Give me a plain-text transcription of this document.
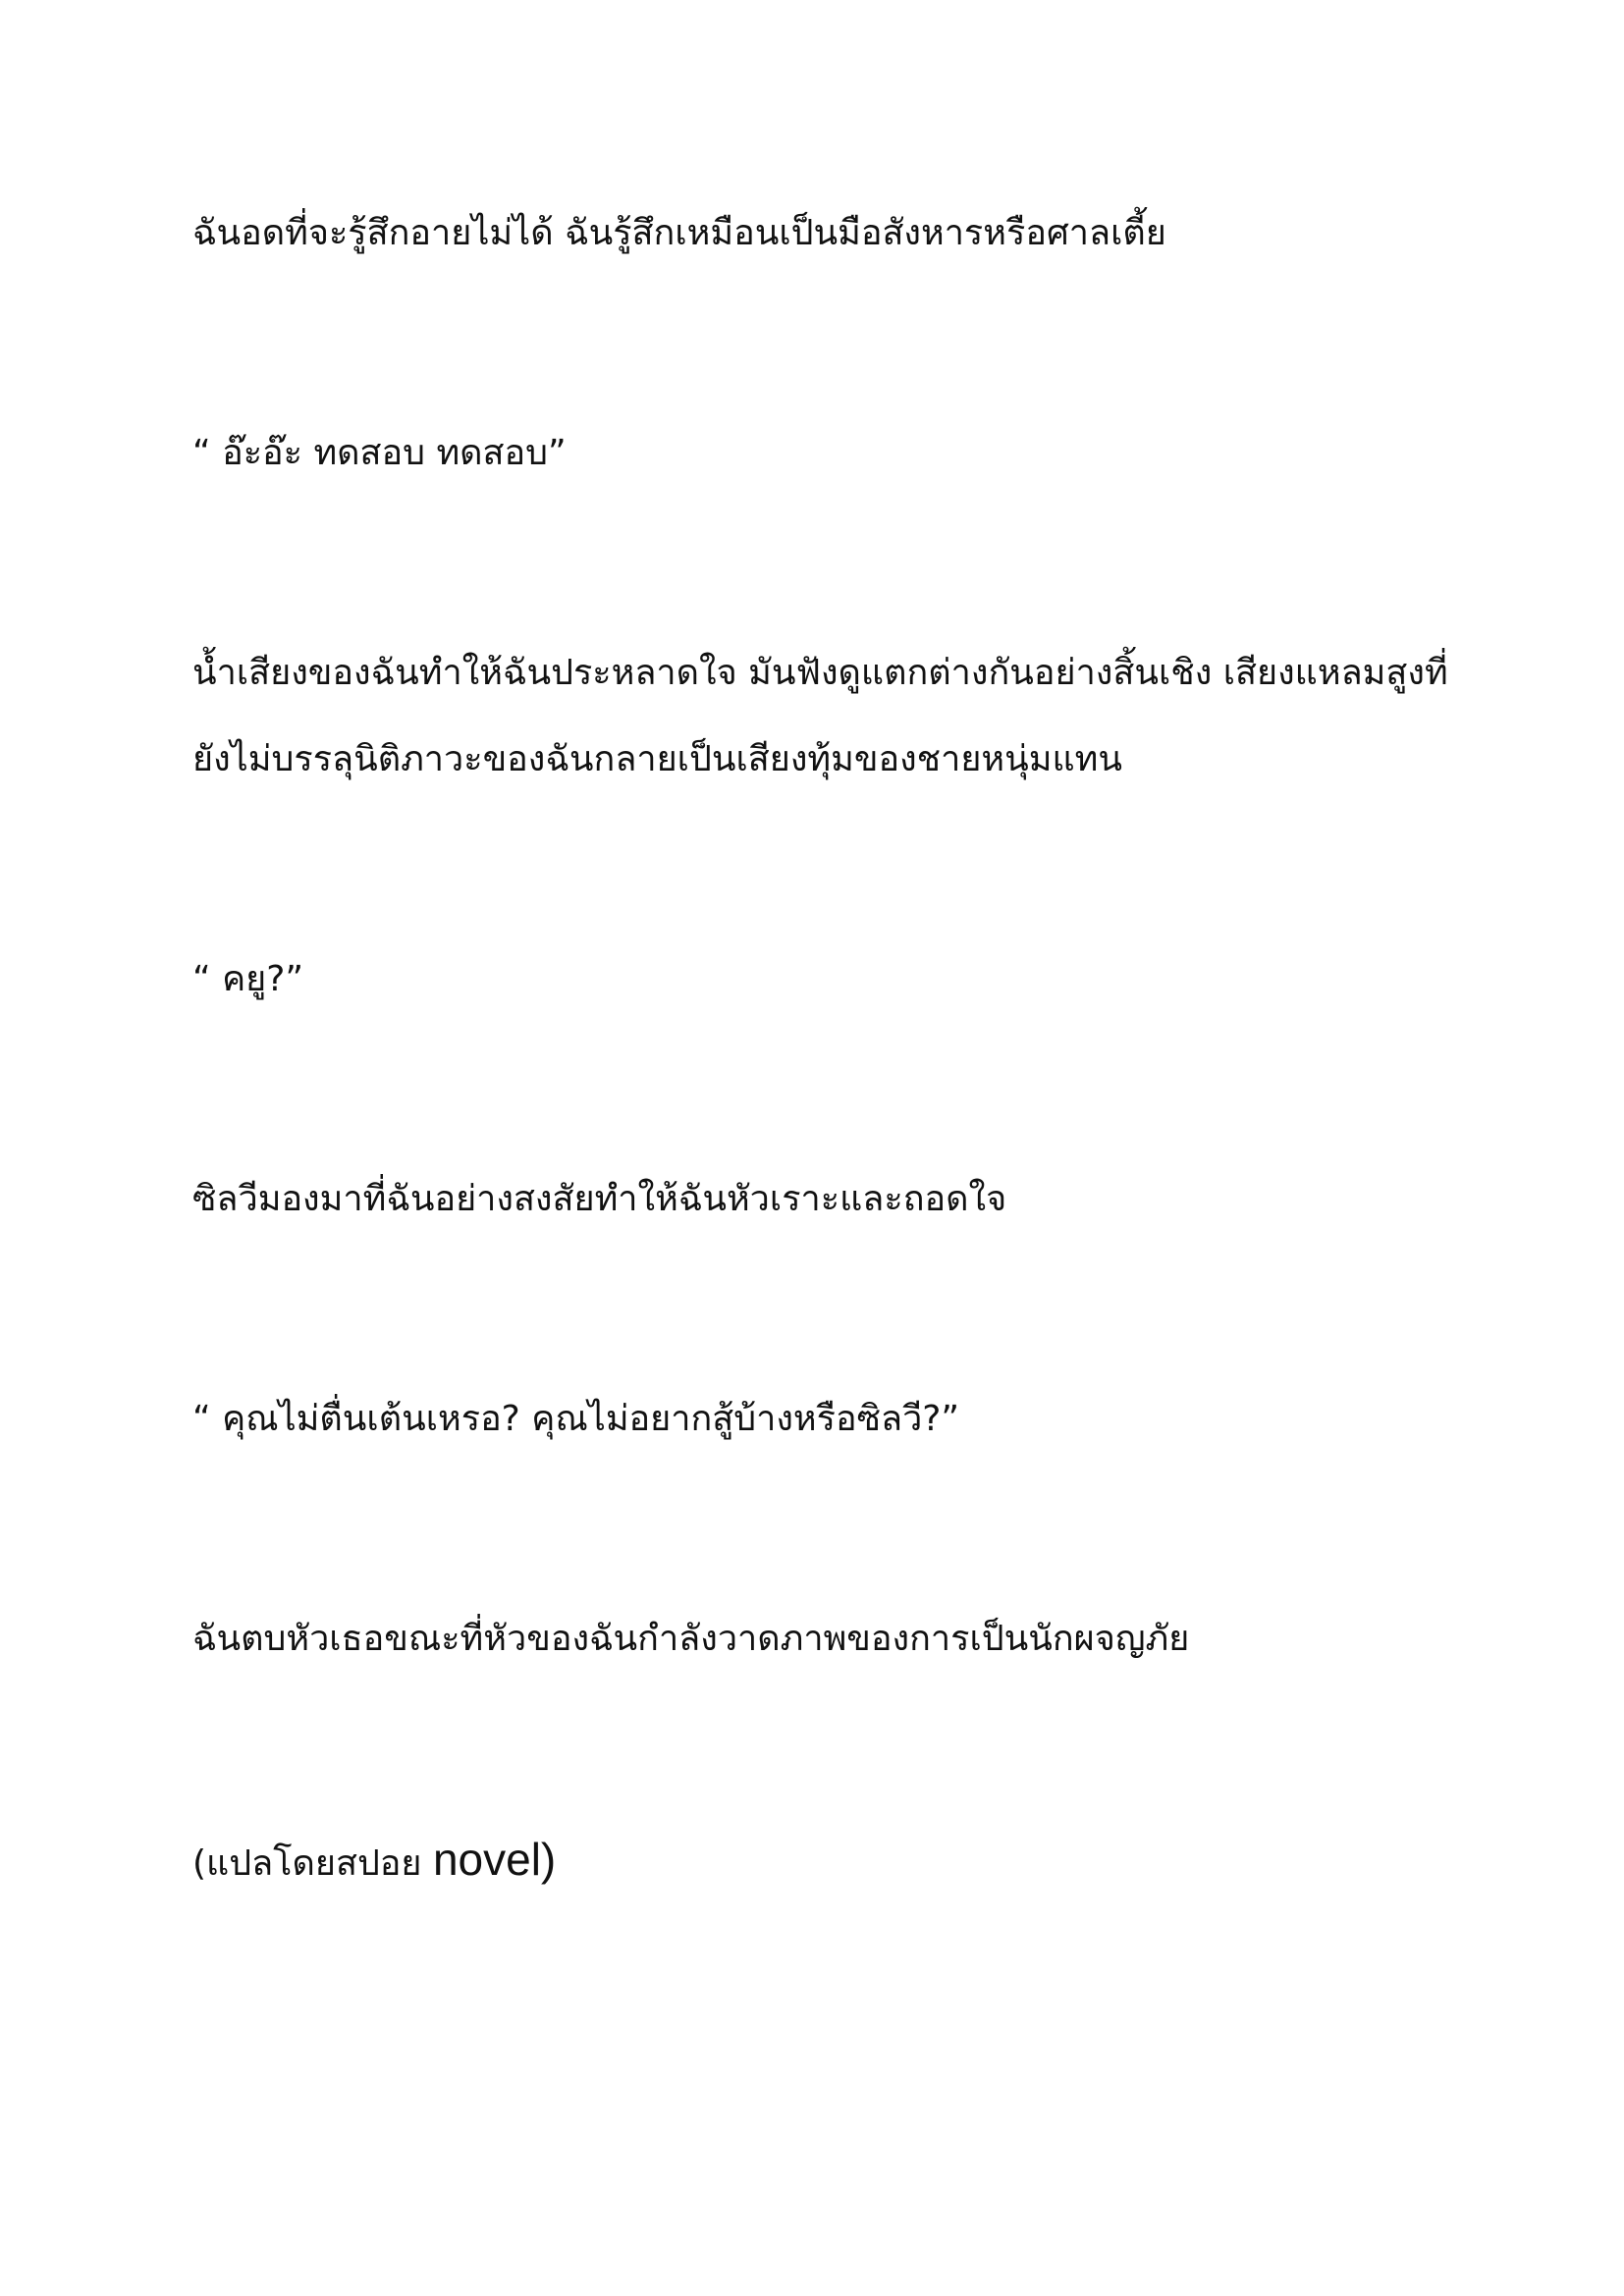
ฉันอดที่จะรู้สึกอายไม่ได้ ฉันรู้สึกเหมือนเป็นมือสังหารหรือศาลเตี้ย

“ อ๊ะอ๊ะ ทดสอบ ทดสอบ”

น้ำเสียงของฉันทำให้ฉันประหลาดใจ มันฟังดูแตกต่างกันอย่างสิ้นเชิง เสียงแหลมสูงที่

ยังไม่บรรลุนิติภาวะของฉันกลายเป็นเสียงทุ้มของชายหนุ่มแทน

“ คยู?”

ซิลวีมองมาที่ฉันอย่างสงสัยทำให้ฉันหัวเราะและถอดใจ

“ คุณไม่ตื่นเต้นเหรอ? คุณไม่อยากสู้บ้างหรือซิลวี?”

ฉันตบหัวเธอขณะที่หัวของฉันกำลังวาดภาพของการเป็นนักผจญภัย

(แปลโดยสปอย novel)
